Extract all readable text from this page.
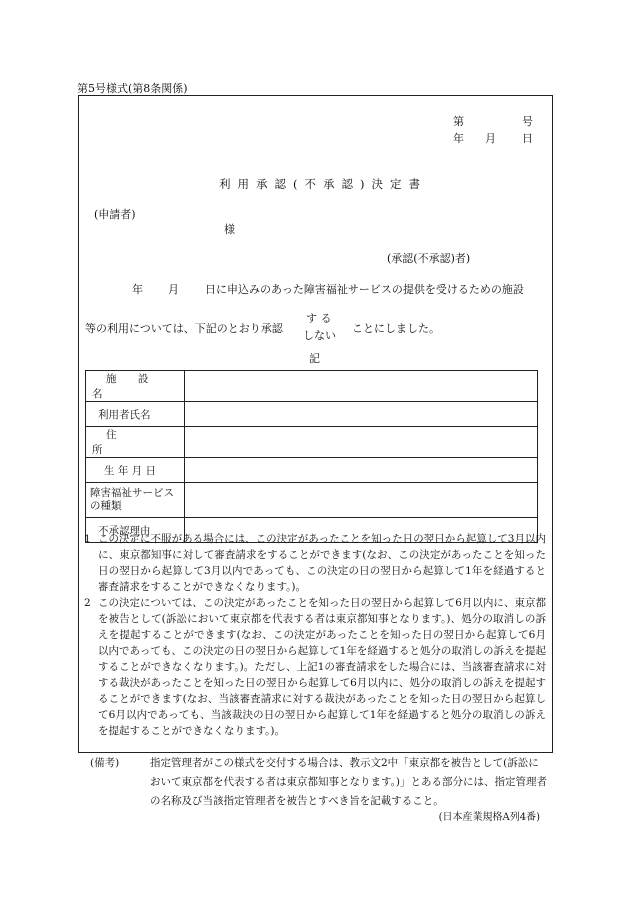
第5号様式(第8条関係)
第	号
年 月 日
利用承認(不承認)決定書
(申請者)
様
(承認(不承認)者)
年 月 日に申込みのあった障害福祉サービスの提供を受けるための施設
等の利用については、下記のとおり承認
す る
しない
ことにしました。
記
施 設 名	
利用者氏名	
住 所	
生 年 月 日	
障害福祉サービスの種類	
不承認理由	
1 この決定に不服がある場合には、この決定があったことを知った日の翌日から起算して3月以内に、東京都知事に対して審査請求をすることができます(なお、この決定があったことを知った日の翌日から起算して3月以内であっても、この決定の日の翌日から起算して1年を経過すると審査請求をすることができなくなります。)。
2 この決定については、この決定があったことを知った日の翌日から起算して6月以内に、東京都を被告として(訴訟において東京都を代表する者は東京都知事となります。)、処分の取消しの訴えを提起することができます(なお、この決定があったことを知った日の翌日から起算して6月以内であっても、この決定の日の翌日から起算して1年を経過すると処分の取消しの訴えを提起することができなくなります。)。ただし、上記1の審査請求をした場合には、当該審査請求に対する裁決があったことを知った日の翌日から起算して6月以内に、処分の取消しの訴えを提起することができます(なお、当該審査請求に対する裁決があったことを知った日の翌日から起算して6月以内であっても、当該裁決の日の翌日から起算して1年を経過すると処分の取消しの訴えを提起することができなくなります。)。
(備考)	指定管理者がこの様式を交付する場合は、教示文2中「東京都を被告として(訴訟において東京都を代表する者は東京都知事となります。)」とある部分には、指定管理者の名称及び当該指定管理者を被告とすべき旨を記載すること。
(日本産業規格A列4番)
